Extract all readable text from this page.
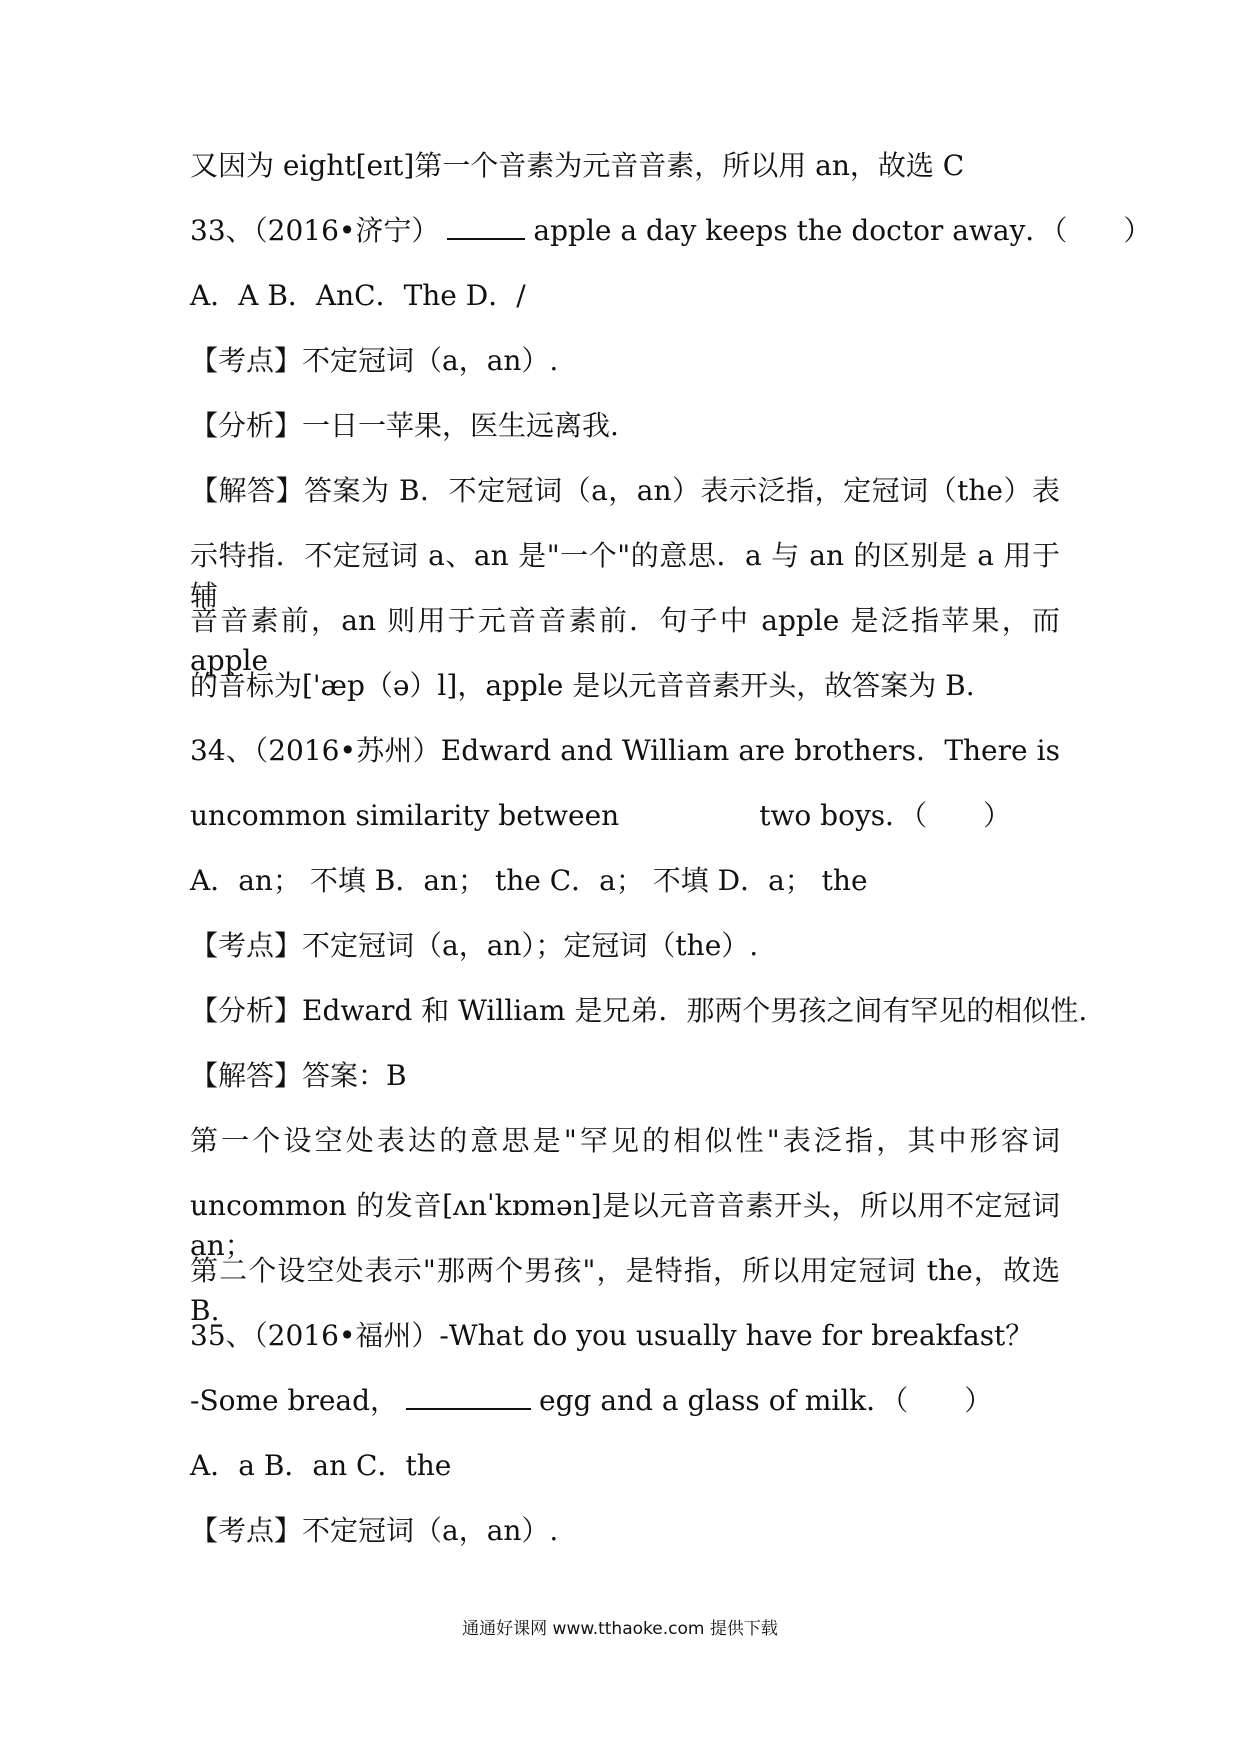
又因为 eight[eɪt]第一个音素为元音音素，所以用 an，故选 C
33、（2016•济宁）	apple a day keeps the doctor away．（　　）
A．A B．AnC．The D．/
【考点】不定冠词（a，an）.
【分析】一日一苹果，医生远离我.
【解答】答案为 B．不定冠词（a，an）表示泛指，定冠词（the）表
示特指．不定冠词 a、an 是"一个"的意思．a 与 an 的区别是 a 用于辅
音音素前，an 则用于元音音素前．句子中 apple 是泛指苹果，而 apple
的音标为['æp（ə）l]，apple 是以元音音素开头，故答案为 B.
34、（2016•苏州）Edward and William are brothers．There is
uncommon similarity between	two boys．（　　）
A．an； 不填 B．an； the C．a； 不填 D．a； the
【考点】不定冠词（a，an）；定冠词（the）.
【分析】Edward 和 William 是兄弟．那两个男孩之间有罕见的相似性.
【解答】答案：B
第一个设空处表达的意思是"罕见的相似性"表泛指，其中形容词
uncommon 的发音[ʌnˈkɒmən]是以元音音素开头，所以用不定冠词 an；
第二个设空处表示"那两个男孩"，是特指，所以用定冠词 the，故选 B.
35、（2016•福州）-What do you usually have for breakfast？
-Some bread，	egg and a glass of milk．（　　）
A．a B．an C．the
【考点】不定冠词（a，an）.
通通好课网 www.tthaoke.com 提供下载
